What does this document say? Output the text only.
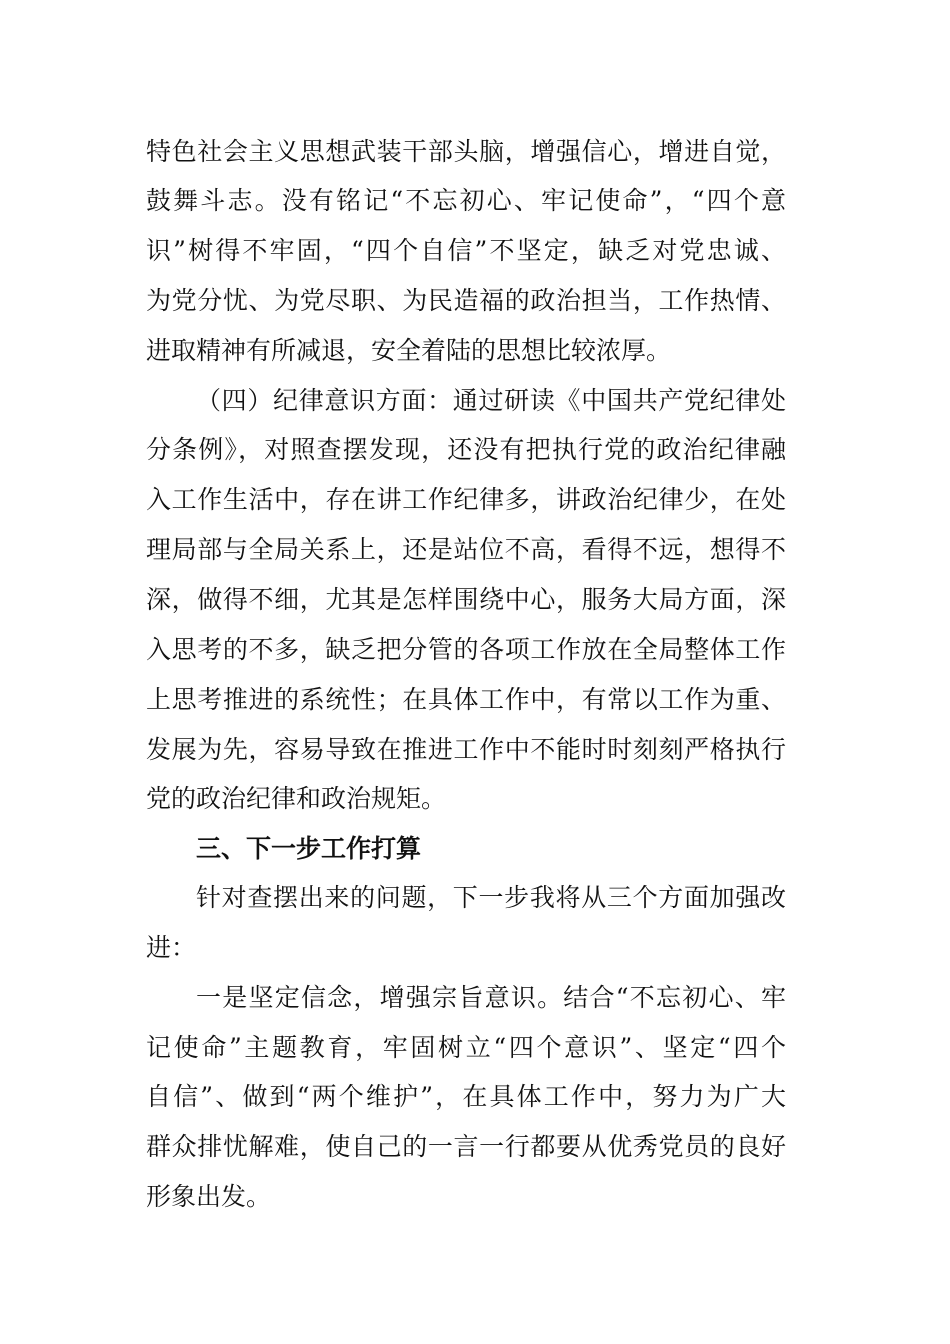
特色社会主义思想武装干部头脑，增强信心，增进自觉，
鼓舞斗志。没有铭记“不忘初心、牢记使命”，“四个意
识”树得不牢固，“四个自信”不坚定，缺乏对党忠诚、
为党分忧、为党尽职、为民造福的政治担当，工作热情、
进取精神有所减退，安全着陆的思想比较浓厚。
（四）纪律意识方面：通过研读《中国共产党纪律处
分条例》，对照查摆发现，还没有把执行党的政治纪律融
入工作生活中，存在讲工作纪律多，讲政治纪律少，在处
理局部与全局关系上，还是站位不高，看得不远，想得不
深，做得不细，尤其是怎样围绕中心，服务大局方面，深
入思考的不多，缺乏把分管的各项工作放在全局整体工作
上思考推进的系统性；在具体工作中，有常以工作为重、
发展为先，容易导致在推进工作中不能时时刻刻严格执行
党的政治纪律和政治规矩。
三、下一步工作打算
针对查摆出来的问题，下一步我将从三个方面加强改
进：
一是坚定信念，增强宗旨意识。结合“不忘初心、牢
记使命”主题教育，牢固树立“四个意识”、坚定“四个
自信”、做到“两个维护”，在具体工作中，努力为广大
群众排忧解难，使自己的一言一行都要从优秀党员的良好
形象出发。
